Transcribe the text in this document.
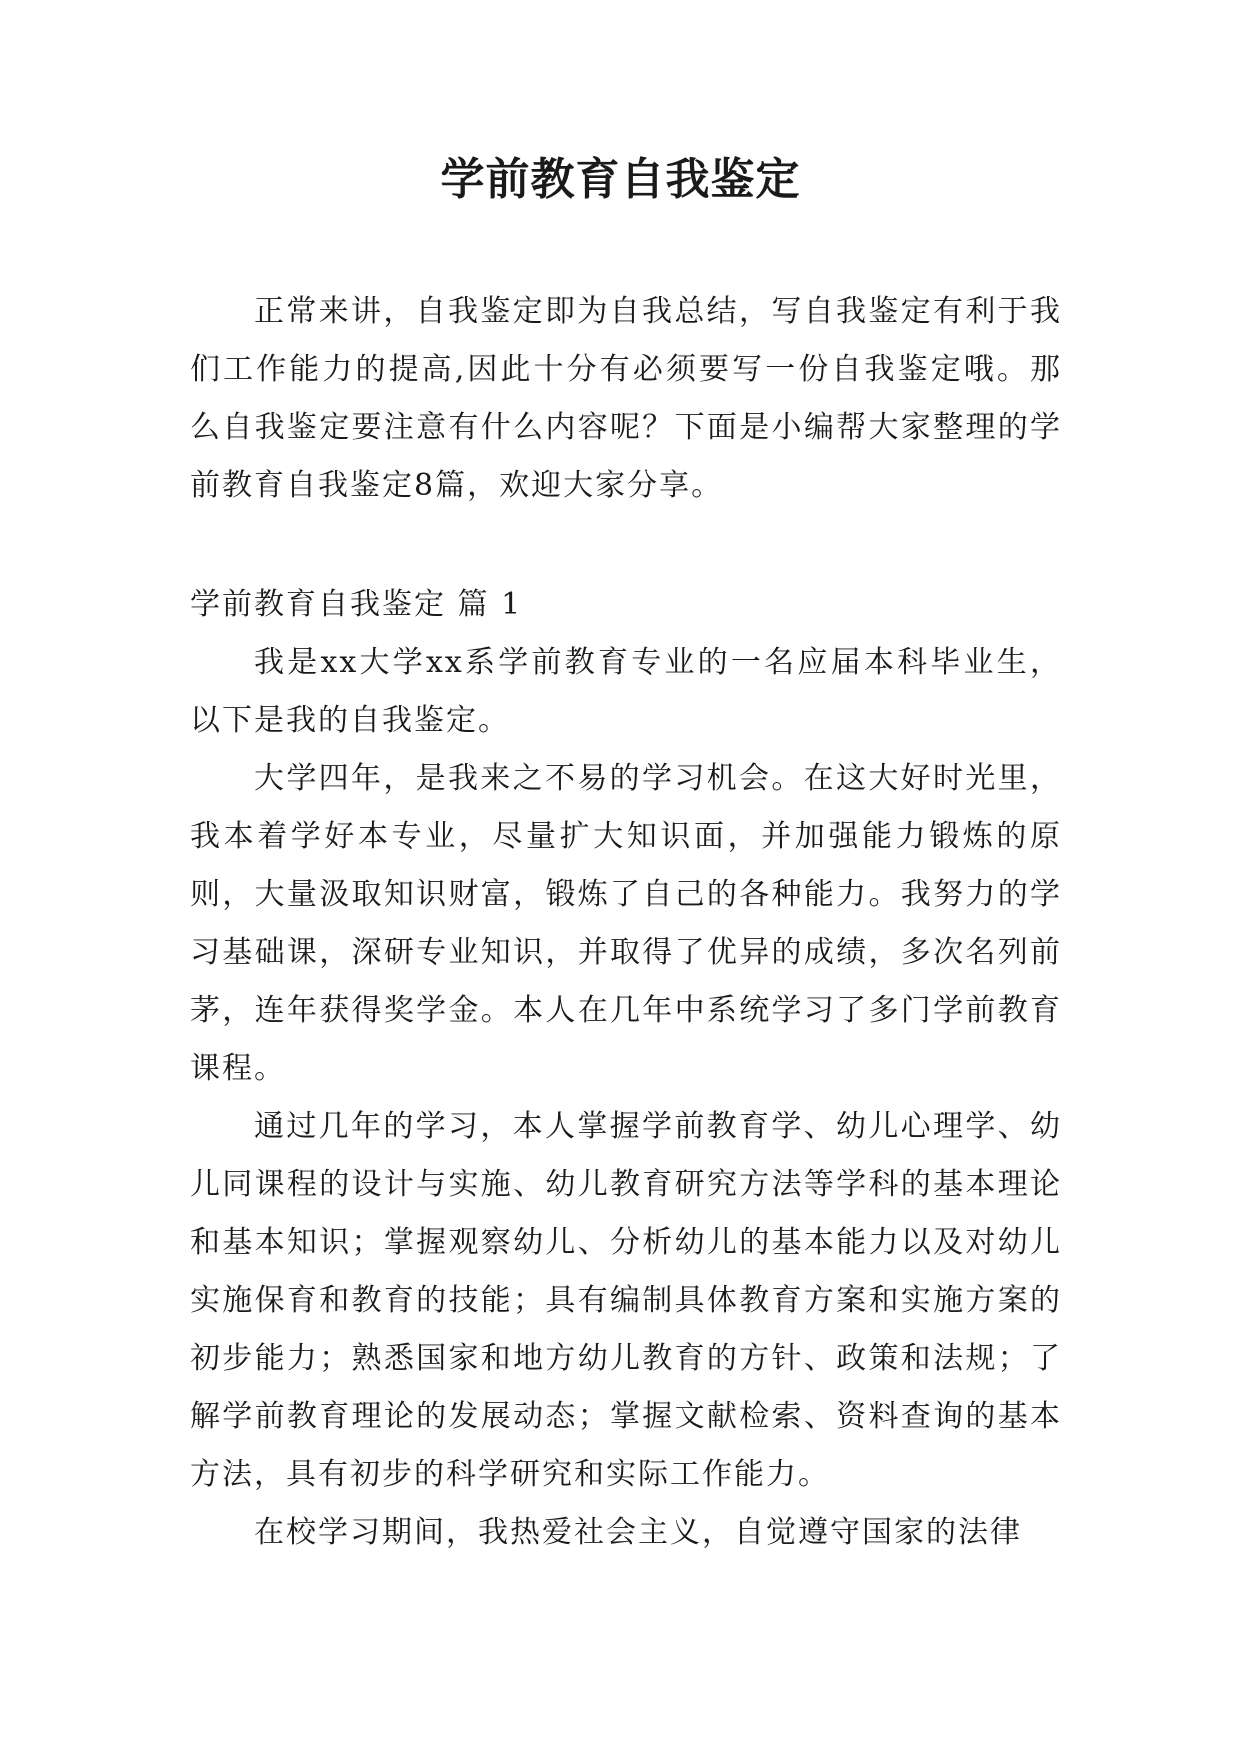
学前教育自我鉴定

正常来讲，自我鉴定即为自我总结，写自我鉴定有利于我们工作能力的提高,因此十分有必须要写一份自我鉴定哦。那么自我鉴定要注意有什么内容呢？下面是小编帮大家整理的学前教育自我鉴定8篇，欢迎大家分享。

学前教育自我鉴定 篇 1

我是xx大学xx系学前教育专业的一名应届本科毕业生，以下是我的自我鉴定。

大学四年，是我来之不易的学习机会。在这大好时光里，我本着学好本专业，尽量扩大知识面，并加强能力锻炼的原则，大量汲取知识财富，锻炼了自己的各种能力。我努力的学习基础课，深研专业知识，并取得了优异的成绩，多次名列前茅，连年获得奖学金。本人在几年中系统学习了多门学前教育课程。

通过几年的学习，本人掌握学前教育学、幼儿心理学、幼儿同课程的设计与实施、幼儿教育研究方法等学科的基本理论和基本知识；掌握观察幼儿、分析幼儿的基本能力以及对幼儿实施保育和教育的技能；具有编制具体教育方案和实施方案的初步能力；熟悉国家和地方幼儿教育的方针、政策和法规；了解学前教育理论的发展动态；掌握文献检索、资料查询的基本方法，具有初步的科学研究和实际工作能力。

在校学习期间，我热爱社会主义，自觉遵守国家的法律
